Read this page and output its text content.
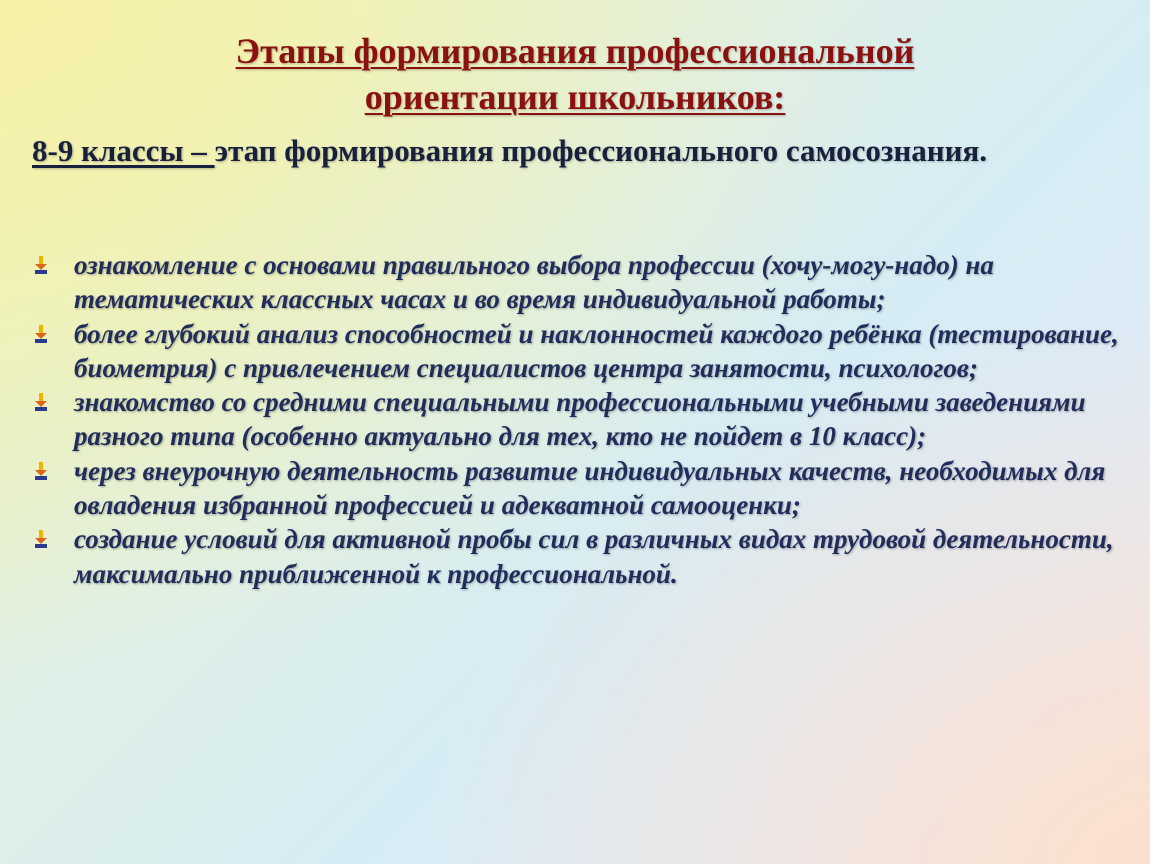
Этапы формирования профессиональной
ориентации школьников:
8-9 классы – этап формирования профессионального самосознания.
ознакомление с основами правильного выбора профессии (хочу-могу-надо) на тематических классных часах и во время индивидуальной работы;
более глубокий анализ способностей и наклонностей каждого ребёнка (тестирование, биометрия) с привлечением специалистов центра занятости, психологов;
знакомство со средними специальными профессиональными учебными заведениями разного типа (особенно актуально для тех, кто не пойдет в 10 класс);
через внеурочную деятельность развитие индивидуальных качеств, необходимых для овладения избранной профессией и адекватной самооценки;
создание условий для активной пробы сил в различных видах трудовой деятельности, максимально приближенной к профессиональной.
